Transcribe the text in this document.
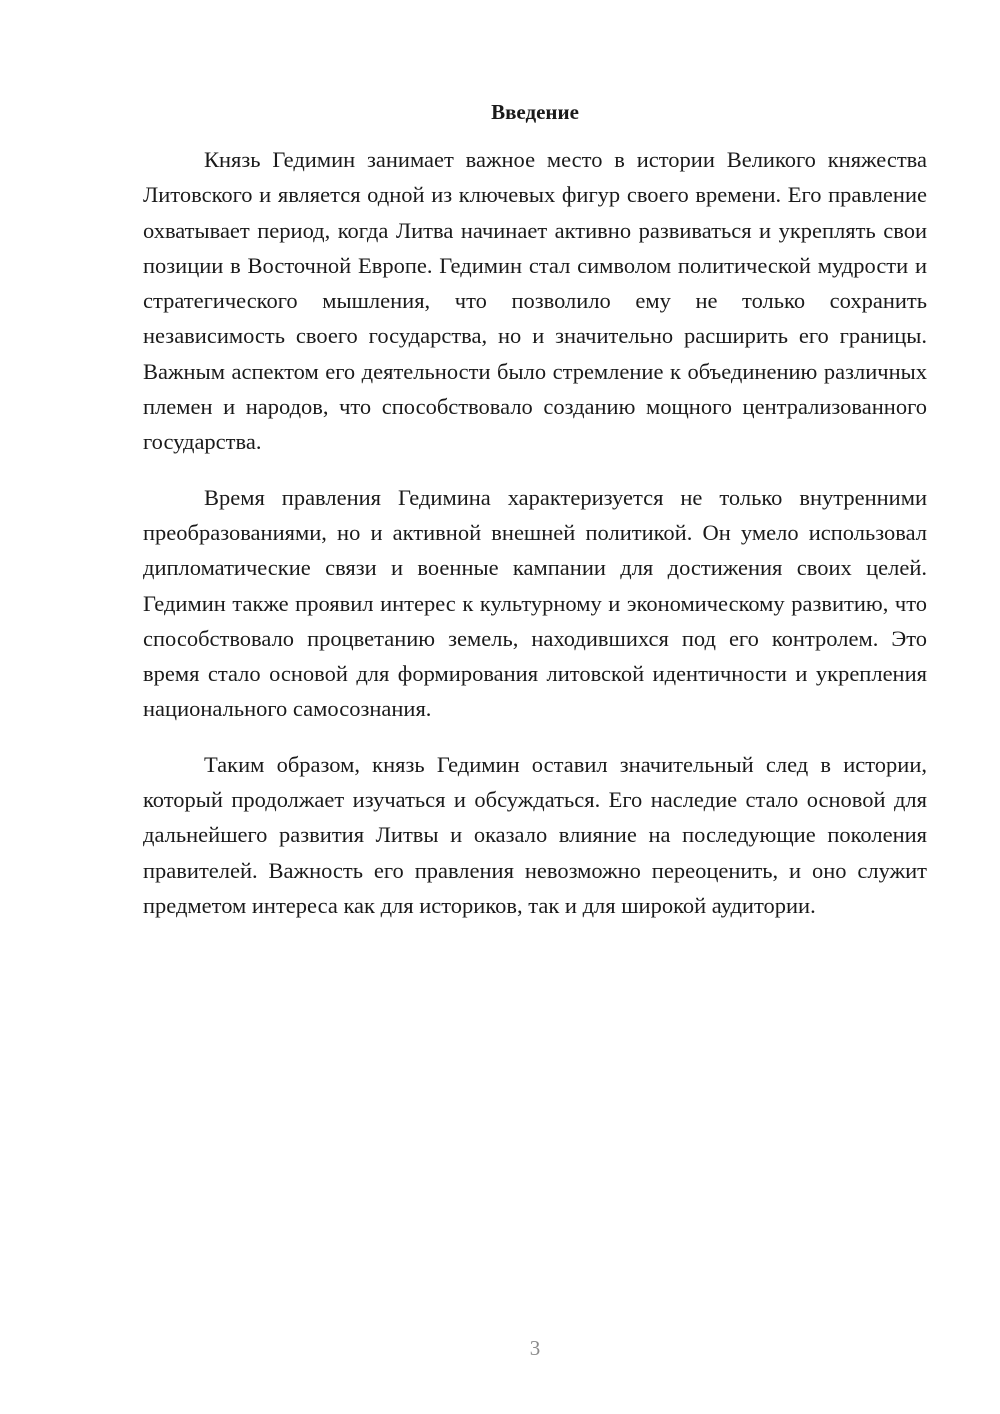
Введение

Князь Гедимин занимает важное место в истории Великого княжества Литовского и является одной из ключевых фигур своего времени. Его правление охватывает период, когда Литва начинает активно развиваться и укреплять свои позиции в Восточной Европе. Гедимин стал символом политической мудрости и стратегического мышления, что позволило ему не только сохранить независимость своего государства, но и значительно расширить его границы. Важным аспектом его деятельности было стремление к объединению различных племен и народов, что способствовало созданию мощного централизованного государства.

Время правления Гедимина характеризуется не только внутренними преобразованиями, но и активной внешней политикой. Он умело использовал дипломатические связи и военные кампании для достижения своих целей. Гедимин также проявил интерес к культурному и экономическому развитию, что способствовало процветанию земель, находившихся под его контролем. Это время стало основой для формирования литовской идентичности и укрепления национального самосознания.

Таким образом, князь Гедимин оставил значительный след в истории, который продолжает изучаться и обсуждаться. Его наследие стало основой для дальнейшего развития Литвы и оказало влияние на последующие поколения правителей. Важность его правления невозможно переоценить, и оно служит предметом интереса как для историков, так и для широкой аудитории.

3
